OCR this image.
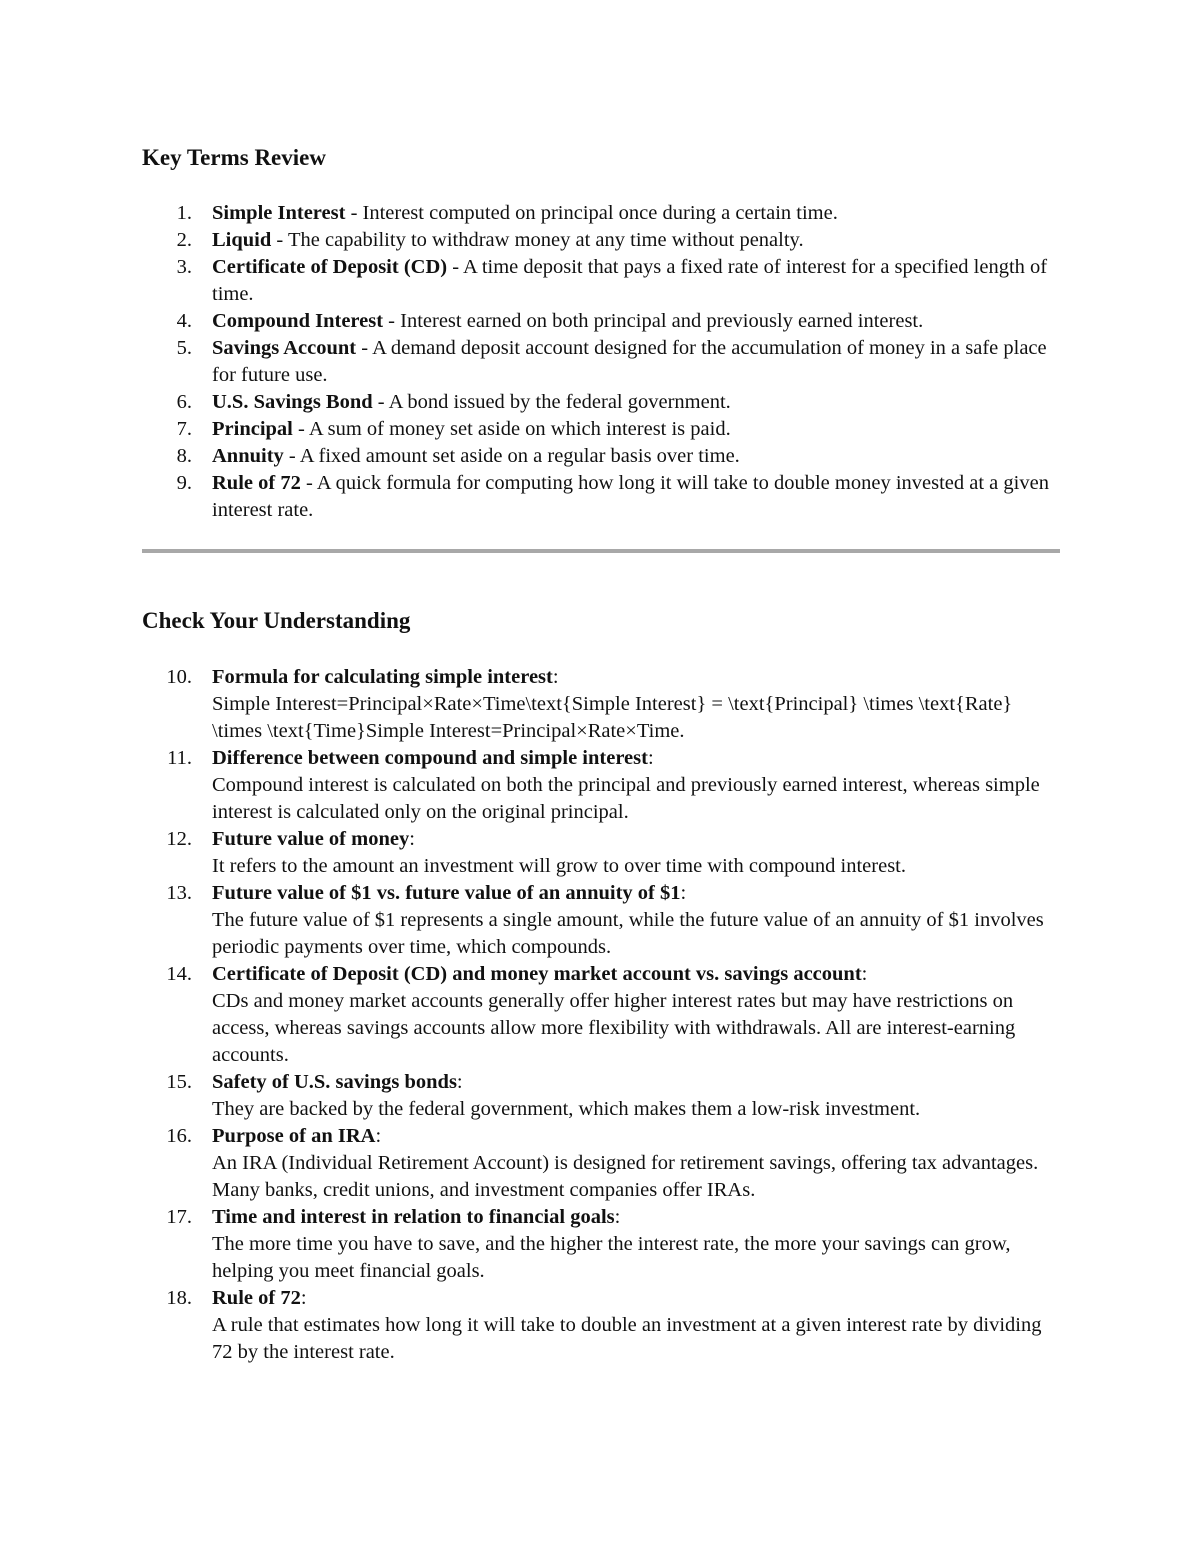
Key Terms Review
1. Simple Interest - Interest computed on principal once during a certain time.
2. Liquid - The capability to withdraw money at any time without penalty.
3. Certificate of Deposit (CD) - A time deposit that pays a fixed rate of interest for a specified length of time.
4. Compound Interest - Interest earned on both principal and previously earned interest.
5. Savings Account - A demand deposit account designed for the accumulation of money in a safe place for future use.
6. U.S. Savings Bond - A bond issued by the federal government.
7. Principal - A sum of money set aside on which interest is paid.
8. Annuity - A fixed amount set aside on a regular basis over time.
9. Rule of 72 - A quick formula for computing how long it will take to double money invested at a given interest rate.
Check Your Understanding
10. Formula for calculating simple interest:
Simple Interest=Principal×Rate×Time\text{Simple Interest} = \text{Principal} \times \text{Rate} \times \text{Time}Simple Interest=Principal×Rate×Time.
11. Difference between compound and simple interest:
Compound interest is calculated on both the principal and previously earned interest, whereas simple interest is calculated only on the original principal.
12. Future value of money:
It refers to the amount an investment will grow to over time with compound interest.
13. Future value of $1 vs. future value of an annuity of $1:
The future value of $1 represents a single amount, while the future value of an annuity of $1 involves periodic payments over time, which compounds.
14. Certificate of Deposit (CD) and money market account vs. savings account:
CDs and money market accounts generally offer higher interest rates but may have restrictions on access, whereas savings accounts allow more flexibility with withdrawals. All are interest-earning accounts.
15. Safety of U.S. savings bonds:
They are backed by the federal government, which makes them a low-risk investment.
16. Purpose of an IRA:
An IRA (Individual Retirement Account) is designed for retirement savings, offering tax advantages. Many banks, credit unions, and investment companies offer IRAs.
17. Time and interest in relation to financial goals:
The more time you have to save, and the higher the interest rate, the more your savings can grow, helping you meet financial goals.
18. Rule of 72:
A rule that estimates how long it will take to double an investment at a given interest rate by dividing 72 by the interest rate.
